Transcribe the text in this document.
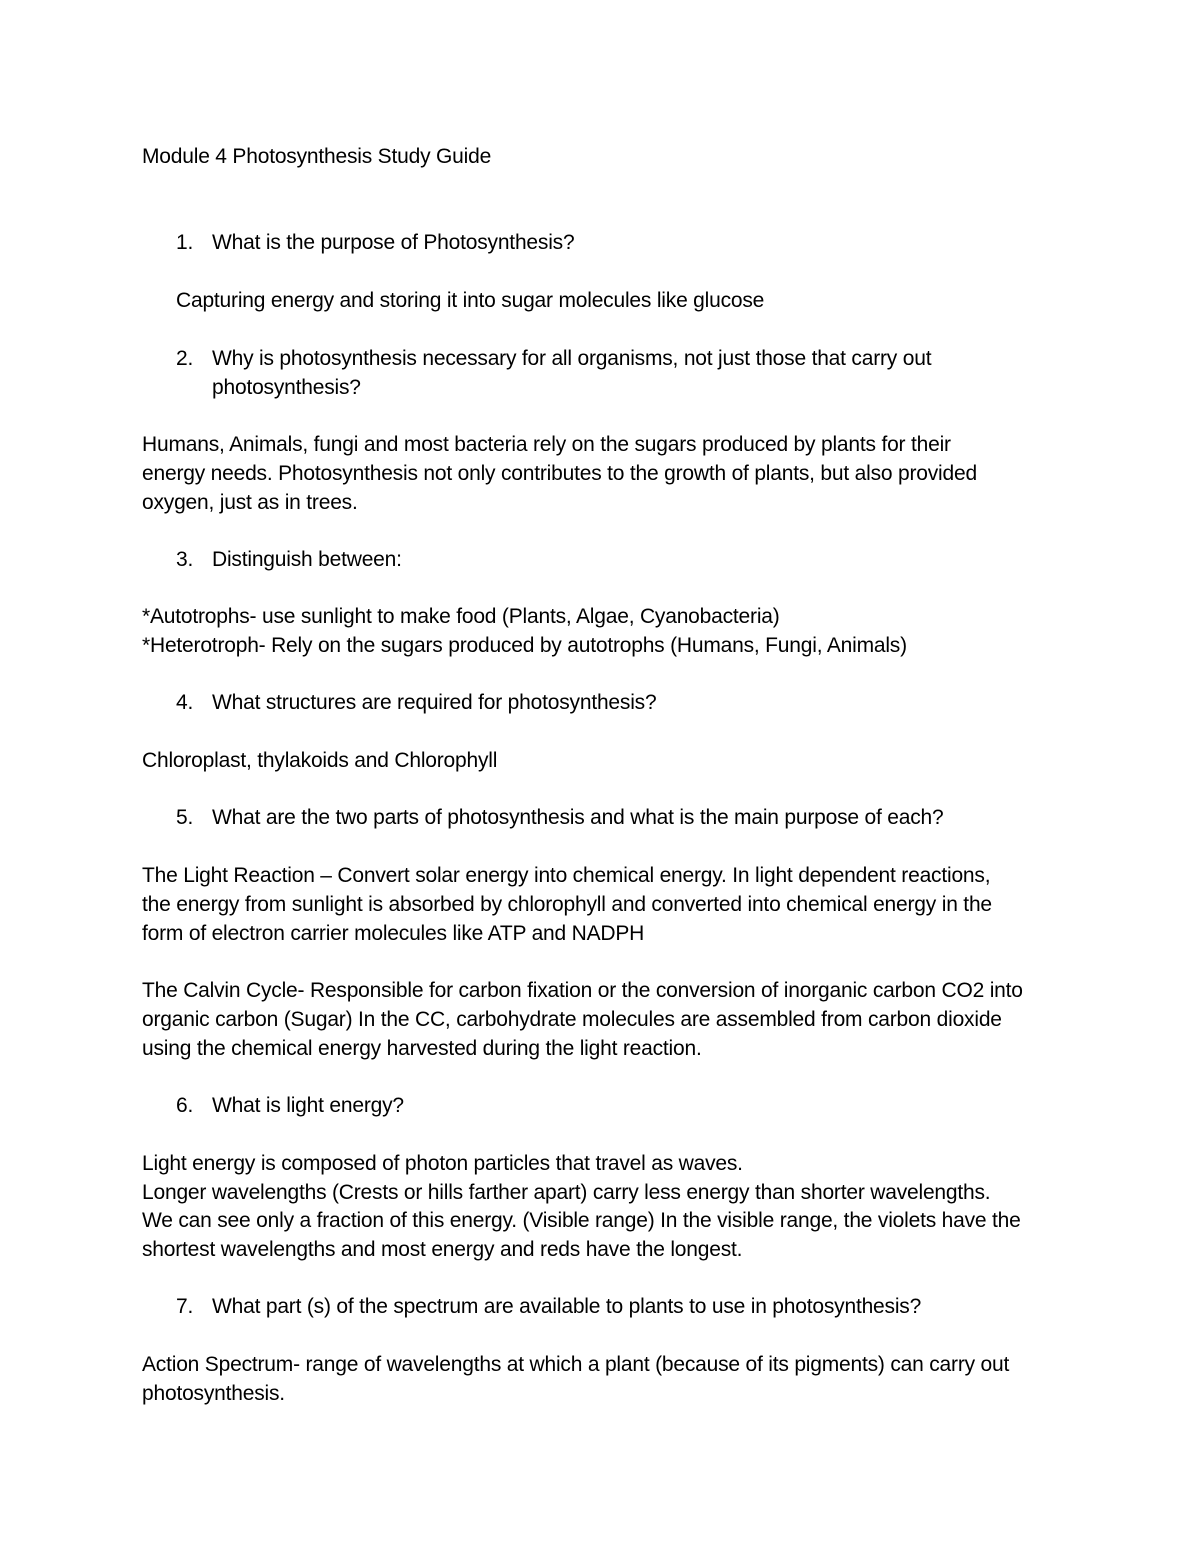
Module 4 Photosynthesis Study Guide
1. What is the purpose of Photosynthesis?
Capturing energy and storing it into sugar molecules like glucose
2. Why is photosynthesis necessary for all organisms, not just those that carry out
photosynthesis?
Humans, Animals, fungi and most bacteria rely on the sugars produced by plants for their
energy needs. Photosynthesis not only contributes to the growth of plants, but also provided
oxygen, just as in trees.
3. Distinguish between:
*Autotrophs- use sunlight to make food (Plants, Algae, Cyanobacteria)
*Heterotroph- Rely on the sugars produced by autotrophs (Humans, Fungi, Animals)
4. What structures are required for photosynthesis?
Chloroplast, thylakoids and Chlorophyll
5. What are the two parts of photosynthesis and what is the main purpose of each?
The Light Reaction – Convert solar energy into chemical energy. In light dependent reactions,
the energy from sunlight is absorbed by chlorophyll and converted into chemical energy in the
form of electron carrier molecules like ATP and NADPH
The Calvin Cycle- Responsible for carbon fixation or the conversion of inorganic carbon CO2 into
organic carbon (Sugar) In the CC, carbohydrate molecules are assembled from carbon dioxide
using the chemical energy harvested during the light reaction.
6. What is light energy?
Light energy is composed of photon particles that travel as waves.
Longer wavelengths (Crests or hills farther apart) carry less energy than shorter wavelengths.
We can see only a fraction of this energy. (Visible range) In the visible range, the violets have the
shortest wavelengths and most energy and reds have the longest.
7. What part (s) of the spectrum are available to plants to use in photosynthesis?
Action Spectrum- range of wavelengths at which a plant (because of its pigments) can carry out
photosynthesis.
